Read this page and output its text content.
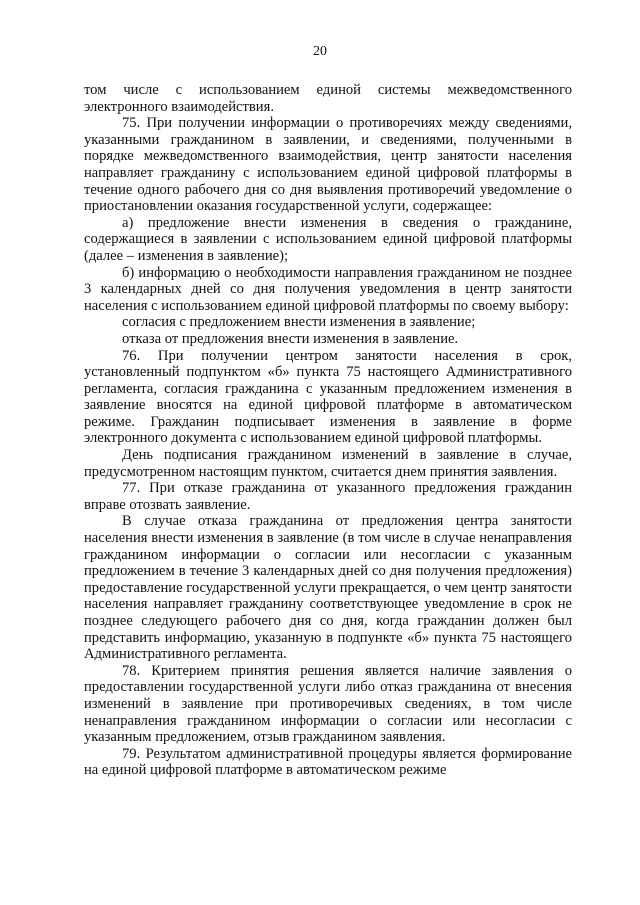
20

том числе с использованием единой системы межведомственного электронного взаимодействия.

75. При получении информации о противоречиях между сведениями, указанными гражданином в заявлении, и сведениями, полученными в порядке межведомственного взаимодействия, центр занятости населения направляет гражданину с использованием единой цифровой платформы в течение одного рабочего дня со дня выявления противоречий уведомление о приостановлении оказания государственной услуги, содержащее:

а) предложение внести изменения в сведения о гражданине, содержащиеся в заявлении с использованием единой цифровой платформы (далее – изменения в заявление);

б) информацию о необходимости направления гражданином не позднее 3 календарных дней со дня получения уведомления в центр занятости населения с использованием единой цифровой платформы по своему выбору:

согласия с предложением внести изменения в заявление;

отказа от предложения внести изменения в заявление.

76. При получении центром занятости населения в срок, установленный подпунктом «б» пункта 75 настоящего Административного регламента, согласия гражданина с указанным предложением изменения в заявление вносятся на единой цифровой платформе в автоматическом режиме. Гражданин подписывает изменения в заявление в форме электронного документа с использованием единой цифровой платформы.

День подписания гражданином изменений в заявление в случае, предусмотренном настоящим пунктом, считается днем принятия заявления.

77. При отказе гражданина от указанного предложения гражданин вправе отозвать заявление.

В случае отказа гражданина от предложения центра занятости населения внести изменения в заявление (в том числе в случае ненаправления гражданином информации о согласии или несогласии с указанным предложением в течение 3 календарных дней со дня получения предложения) предоставление государственной услуги прекращается, о чем центр занятости населения направляет гражданину соответствующее уведомление в срок не позднее следующего рабочего дня со дня, когда гражданин должен был представить информацию, указанную в подпункте «б» пункта 75 настоящего Административного регламента.

78. Критерием принятия решения является наличие заявления о предоставлении государственной услуги либо отказ гражданина от внесения изменений в заявление при противоречивых сведениях, в том числе ненаправления гражданином информации о согласии или несогласии с указанным предложением, отзыв гражданином заявления.

79. Результатом административной процедуры является формирование на единой цифровой платформе в автоматическом режиме
